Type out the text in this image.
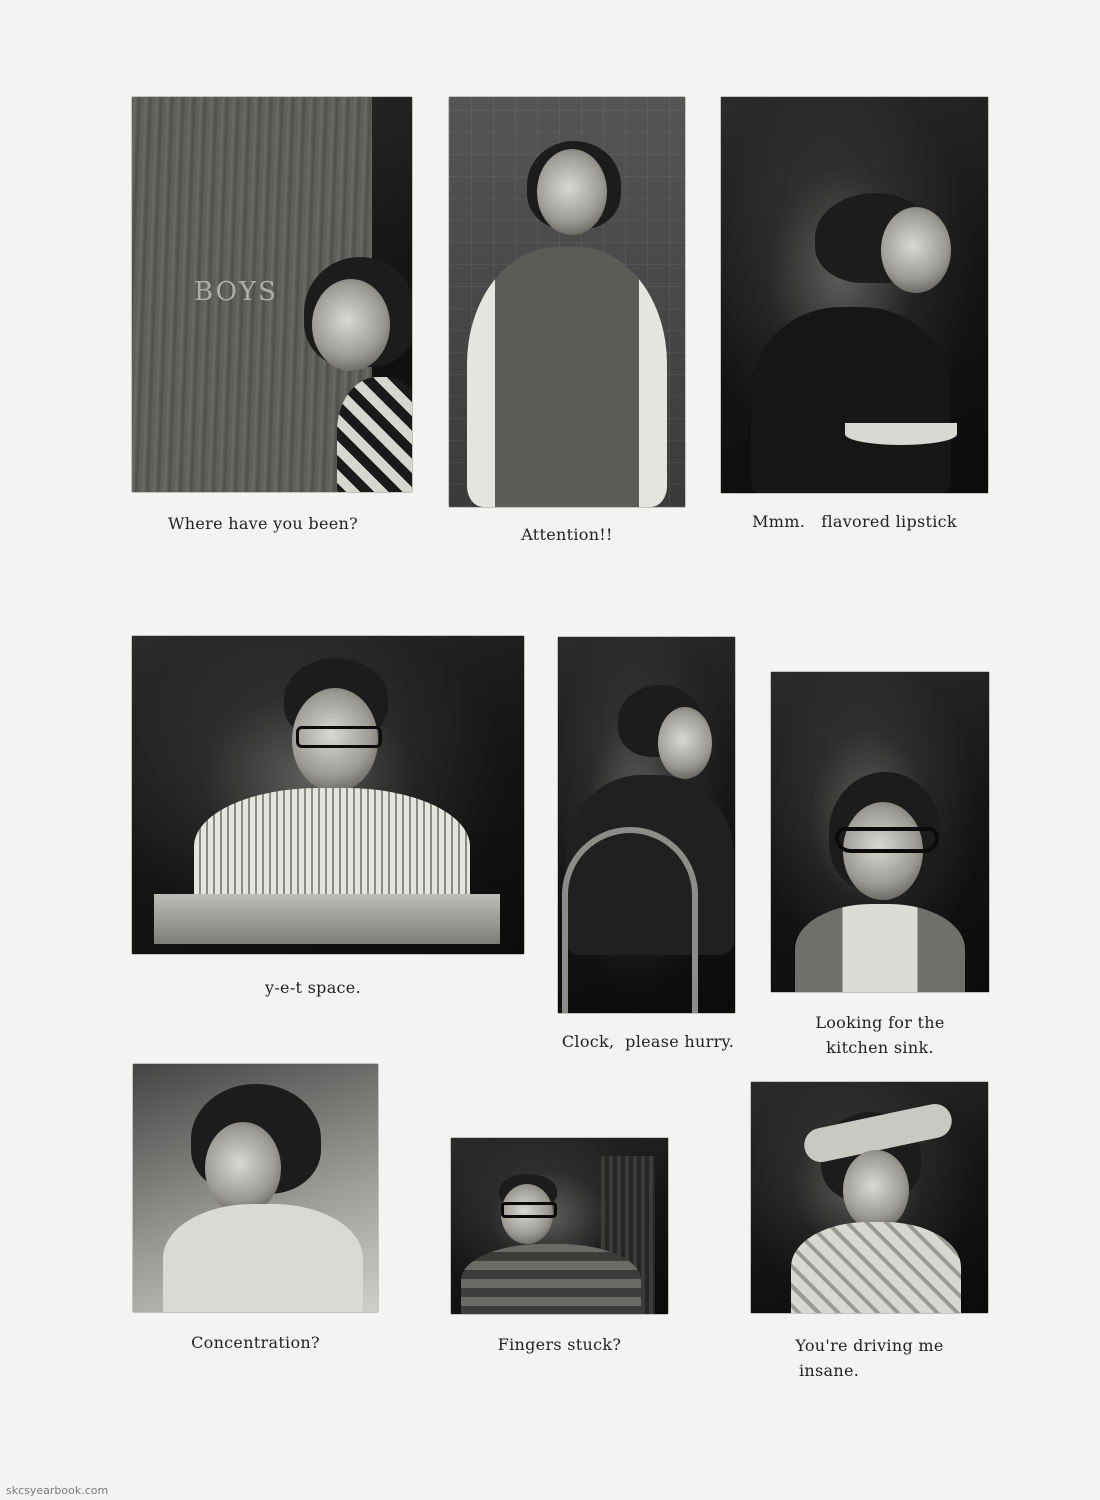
BOYS
Where have you been?
Attention!!
Mmm.   flavored lipstick
y-e-t space.
Clock,  please hurry.
Looking for the
kitchen sink.
Concentration?	Fingers stuck?	You're driving me
insane.
skcsyearbook.com
